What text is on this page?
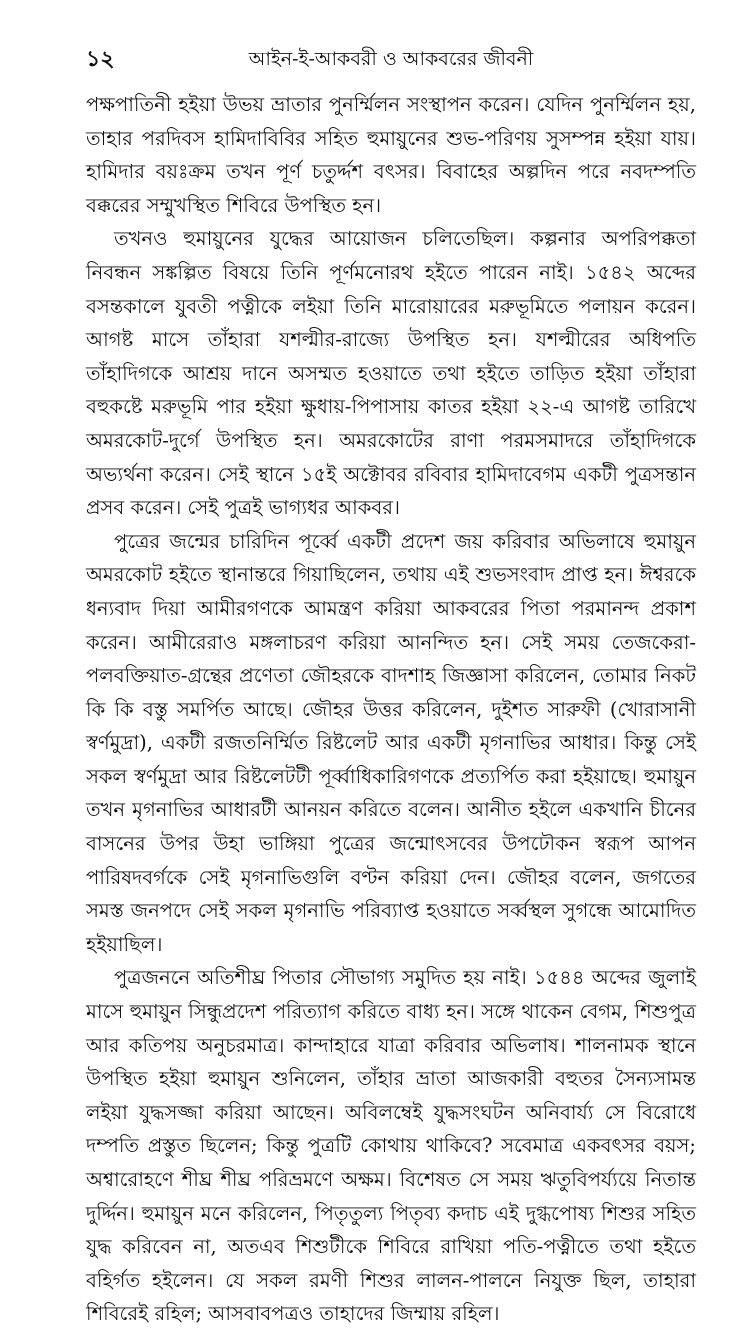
১২	আইন-ই-আকবরী ও আকবরের জীবনী

পক্ষপাতিনী হইয়া উভয় ভ্রাতার পুনর্ম্মিলন সংস্থাপন করেন। যেদিন পুনর্ম্মিলন হয়, তাহার পরদিবস হামিদাবিবির সহিত হুমায়ুনের শুভ-পরিণয় সুসম্পন্ন হইয়া যায়। হামিদার বয়ঃক্রম তখন পূর্ণ চতুর্দ্দশ বৎসর। বিবাহের অল্পদিন পরে নবদম্পতি বক্করের সম্মুখস্থিত শিবিরে উপস্থিত হন।

তখনও হুমায়ুনের যুদ্ধের আয়োজন চলিতেছিল। কল্পনার অপরিপক্কতা নিবন্ধন সঙ্কল্পিত বিষয়ে তিনি পূর্ণমনোরথ হইতে পারেন নাই। ১৫৪২ অব্দের বসন্তকালে যুবতী পত্নীকে লইয়া তিনি মারোয়ারের মরুভূমিতে পলায়ন করেন। আগষ্ট মাসে তাঁহারা যশল্মীর-রাজ্যে উপস্থিত হন। যশল্মীরের অধিপতি তাঁহাদিগকে আশ্রয় দানে অসম্মত হওয়াতে তথা হইতে তাড়িত হইয়া তাঁহারা বহুকষ্টে মরুভূমি পার হইয়া ক্ষুধায়-পিপাসায় কাতর হইয়া ২২-এ আগষ্ট তারিখে অমরকোট-দুর্গে উপস্থিত হন। অমরকোটের রাণা পরমসমাদরে তাঁহাদিগকে অভ্যর্থনা করেন। সেই স্থানে ১৫ই অক্টোবর রবিবার হামিদাবেগম একটী পুত্রসন্তান প্রসব করেন। সেই পুত্রই ভাগ্যধর আকবর।

পুত্রের জন্মের চারিদিন পূর্ব্বে একটী প্রদেশ জয় করিবার অভিলাষে হুমায়ুন অমরকোট হইতে স্থানান্তরে গিয়াছিলেন, তথায় এই শুভসংবাদ প্রাপ্ত হন। ঈশ্বরকে ধন্যবাদ দিয়া আমীরগণকে আমন্ত্রণ করিয়া আকবরের পিতা পরমানন্দ প্রকাশ করেন। আমীরেরাও মঙ্গলাচরণ করিয়া আনন্দিত হন। সেই সময় তেজকেরা-পলবক্তিয়াত-গ্রন্থের প্রণেতা জৌহরকে বাদশাহ জিজ্ঞাসা করিলেন, তোমার নিকট কি কি বস্তু সমর্পিত আছে। জৌহর উত্তর করিলেন, দুইশত সারুফী (খোরাসানী স্বর্ণমুদ্রা), একটী রজতনির্ম্মিত রিষ্টলেট আর একটী মৃগনাভির আধার। কিন্তু সেই সকল স্বর্ণমুদ্রা আর রিষ্টলেটটী পূর্ব্বাধিকারিগণকে প্রত্যর্পিত করা হইয়াছে। হুমায়ুন তখন মৃগনাভির আধারটী আনয়ন করিতে বলেন। আনীত হইলে একখানি চীনের বাসনের উপর উহা ভাঙ্গিয়া পুত্রের জন্মোৎসবের উপঢৌকন স্বরূপ আপন পারিষদবর্গকে সেই মৃগনাভিগুলি বণ্টন করিয়া দেন। জৌহর বলেন, জগতের সমস্ত জনপদে সেই সকল মৃগনাভি পরিব্যাপ্ত হওয়াতে সর্ব্বস্থল সুগন্ধে আমোদিত হইয়াছিল।

পুত্রজননে অতিশীঘ্র পিতার সৌভাগ্য সমুদিত হয় নাই। ১৫৪৪ অব্দের জুলাই মাসে হুমায়ুন সিন্ধুপ্রদেশ পরিত্যাগ করিতে বাধ্য হন। সঙ্গে থাকেন বেগম, শিশুপুত্র আর কতিপয় অনুচরমাত্র। কান্দাহারে যাত্রা করিবার অভিলাষ। শালনামক স্থানে উপস্থিত হইয়া হুমায়ুন শুনিলেন, তাঁহার ভ্রাতা আজকারী বহুতর সৈন্যসামন্ত লইয়া যুদ্ধসজ্জা করিয়া আছেন। অবিলম্বেই যুদ্ধসংঘটন অনিবার্য্য সে বিরোধে দম্পতি প্রস্তুত ছিলেন; কিন্তু পুত্রটি কোথায় থাকিবে? সবেমাত্র একবৎসর বয়স; অশ্বারোহণে শীঘ্র শীঘ্র পরিভ্রমণে অক্ষম। বিশেষত সে সময় ঋতুবিপর্য্যয়ে নিতান্ত দুর্দ্দিন। হুমায়ুন মনে করিলেন, পিতৃতুল্য পিতৃব্য কদাচ এই দুগ্ধপোষ্য শিশুর সহিত যুদ্ধ করিবেন না, অতএব শিশুটীকে শিবিরে রাখিয়া পতি-পত্নীতে তথা হইতে বহির্গত হইলেন। যে সকল রমণী শিশুর লালন-পালনে নিযুক্ত ছিল, তাহারা শিবিরেই রহিল; আসবাবপত্রও তাহাদের জিম্মায় রহিল।
